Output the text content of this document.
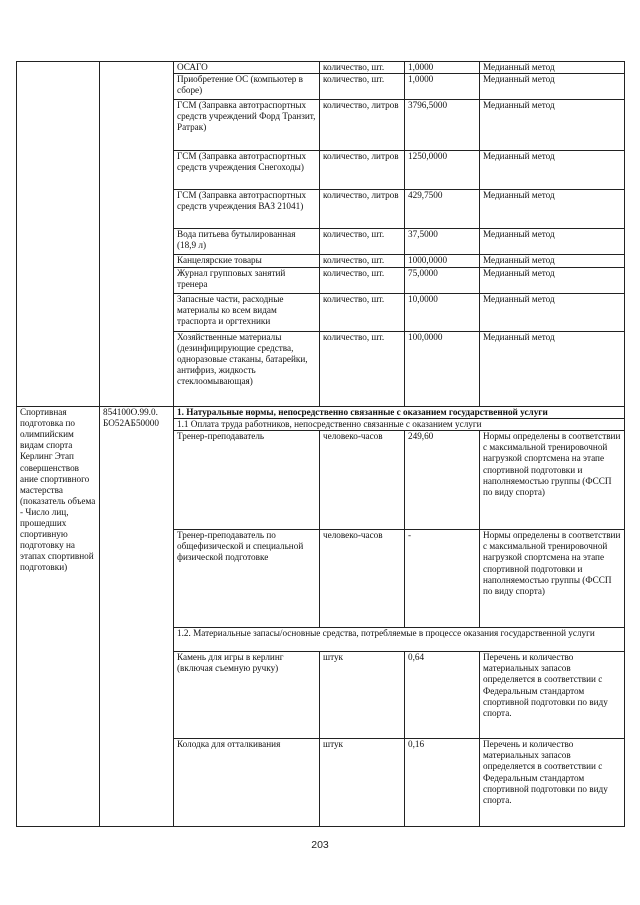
		ОСАГО	количество, шт.	1,0000	Медианный метод
		Приобретение ОС (компьютер в сборе)	количество, шт.	1,0000	Медианный метод
		ГСМ (Заправка автотраспортных средств учреждений Форд Транзит, Ратрак)	количество, литров	3796,5000	Медианный метод
		ГСМ (Заправка автотраспортных средств учреждения Снегоходы)	количество, литров	1250,0000	Медианный метод
		ГСМ (Заправка автотраспортных средств учреждения ВАЗ 21041)	количество, литров	429,7500	Медианный метод
		Вода питьева бутылированная (18,9 л)	количество, шт.	37,5000	Медианный метод
		Канцелярские товары	количество, шт.	1000,0000	Медианный метод
		Журнал групповых занятий тренера	количество, шт.	75,0000	Медианный метод
		Запасные части, расходные материалы ко всем видам траспорта и оргтехники	количество, шт.	10,0000	Медианный метод
		Хозяйственные материалы (дезинфицирующие средства, одноразовые стаканы, батарейки, антифриз, жидкость стеклоомывающая)	количество, шт.	100,0000	Медианный метод
Спортивная подготовка по олимпийским видам спорта Керлинг Этап совершенствов ание спортивного мастерства (показатель объема - Число лиц, прошедших спортивную подготовку на этапах спортивной подготовки)	854100О.99.0. БО52АБ50000	1. Натуральные нормы, непосредственно связанные с оказанием государственной услуги			
		1.1 Оплата труда работников, непосредственно связанные с оказанием услуги			
		Тренер-преподаватель	человеко-часов	249,60	Нормы определены в соответствии с максимальной тренировочной нагрузкой спортсмена на этапе спортивной подготовки и наполняемостью группы (ФССП по виду спорта)
		Тренер-преподаватель по общефизической и специальной физической подготовке	человеко-часов	-	Нормы определены в соответствии с максимальной тренировочной нагрузкой спортсмена на этапе спортивной подготовки и наполняемостью группы (ФССП по виду спорта)
		1.2. Материальные запасы/основные средства, потребляемые в процессе оказания государственной услуги			
		Камень для игры в керлинг (включая съемную ручку)	штук	0,64	Перечень и количество материальных запасов определяется в соответствии с Федеральным стандартом спортивной подготовки по виду спорта.
		Колодка для отталкивания	штук	0,16	Перечень и количество материальных запасов определяется в соответствии с Федеральным стандартом спортивной подготовки по виду спорта.
203
